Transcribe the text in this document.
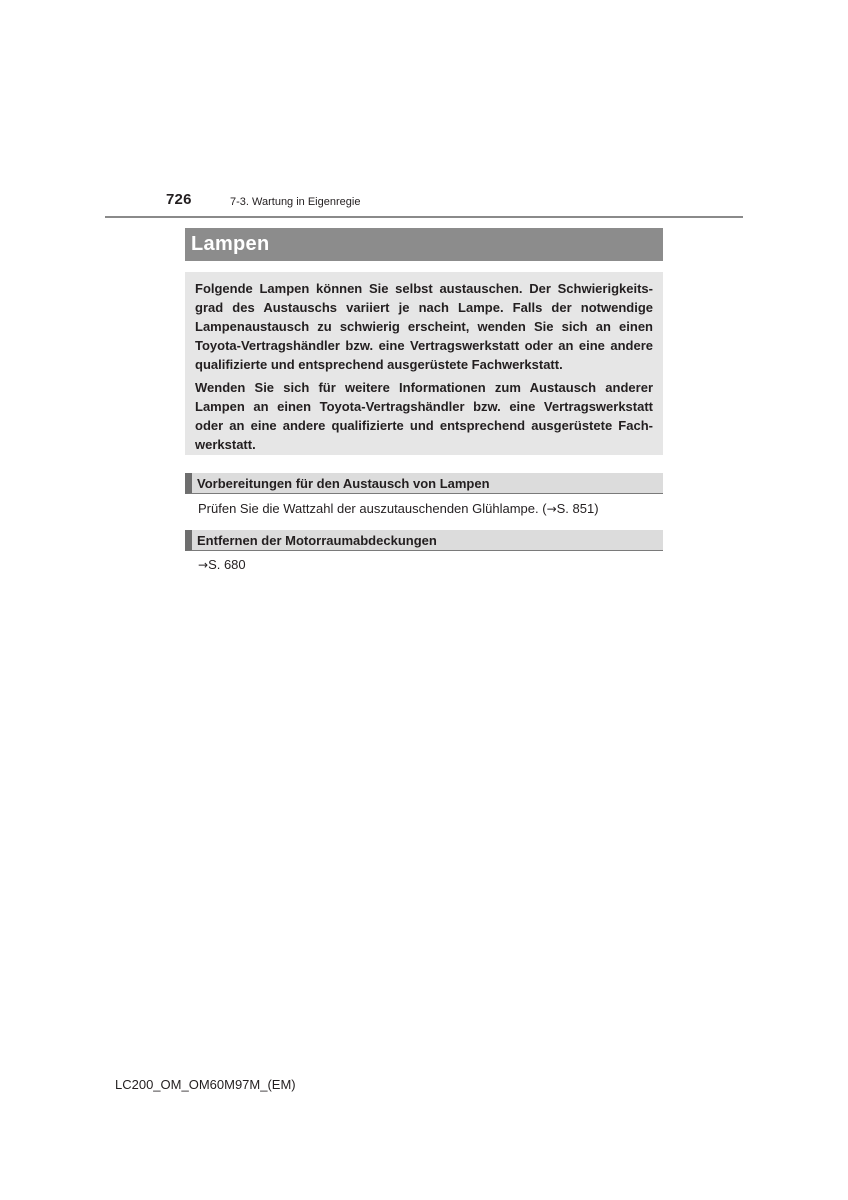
726	7-3. Wartung in Eigenregie
Lampen

Folgende Lampen können Sie selbst austauschen. Der Schwierigkeitsgrad des Austauschs variiert je nach Lampe. Falls der notwendige Lampenaustausch zu schwierig erscheint, wenden Sie sich an einen Toyota-Vertragshändler bzw. eine Vertragswerkstatt oder an eine andere qualifizierte und entsprechend ausgerüstete Fachwerkstatt.

Wenden Sie sich für weitere Informationen zum Austausch anderer Lampen an einen Toyota-Vertragshändler bzw. eine Vertragswerkstatt oder an eine andere qualifizierte und entsprechend ausgerüstete Fachwerkstatt.

Vorbereitungen für den Austausch von Lampen
Prüfen Sie die Wattzahl der auszutauschenden Glühlampe. (→S. 851)
Entfernen der Motorraumabdeckungen
→S. 680
LC200_OM_OM60M97M_(EM)
